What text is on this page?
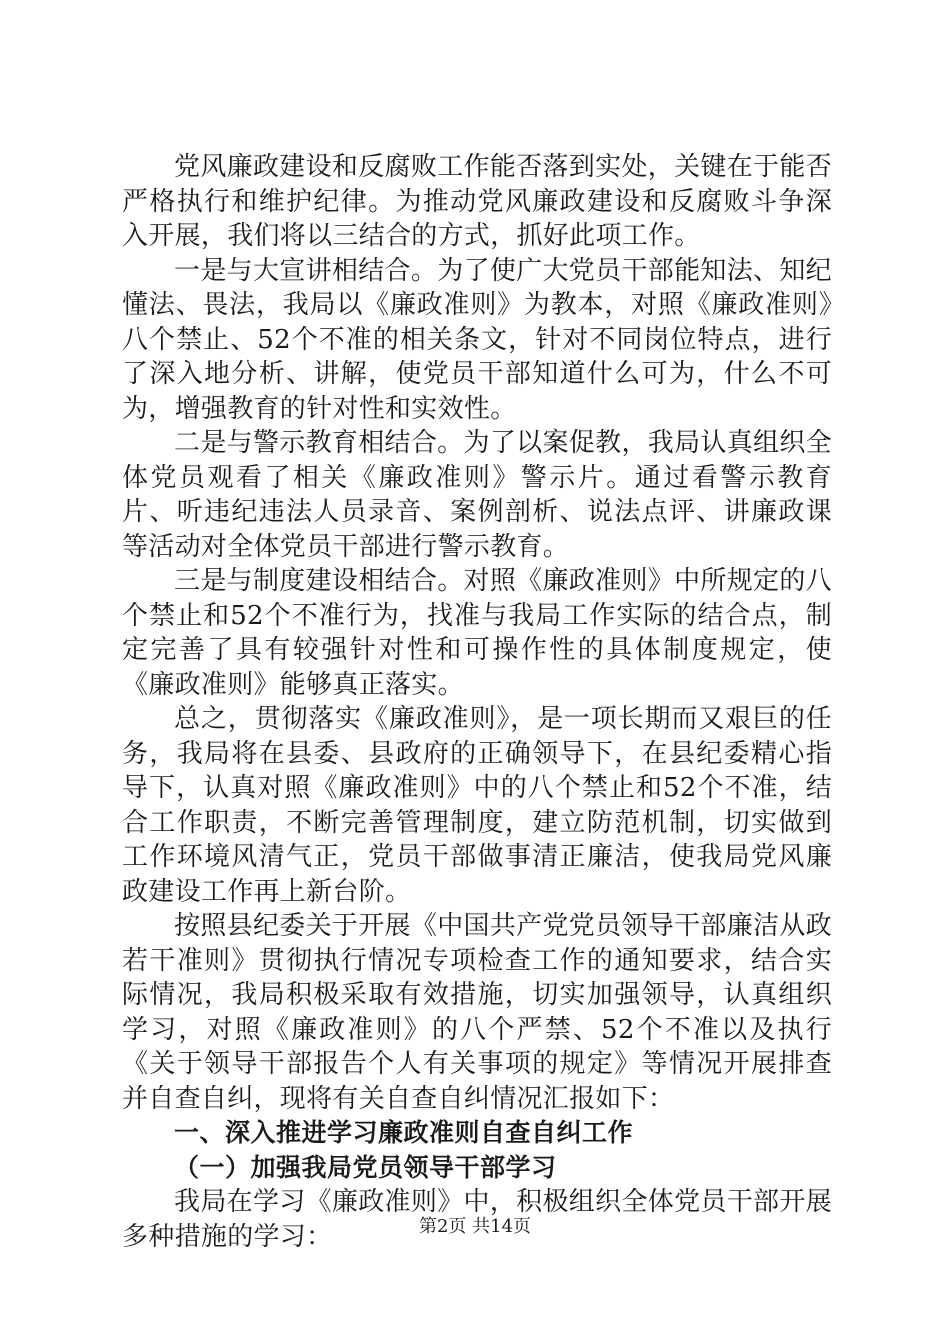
党风廉政建设和反腐败工作能否落到实处，关键在于能否严格执行和维护纪律。为推动党风廉政建设和反腐败斗争深入开展，我们将以三结合的方式，抓好此项工作。

一是与大宣讲相结合。为了使广大党员干部能知法、知纪懂法、畏法，我局以《廉政准则》为教本，对照《廉政准则》八个禁止、52个不准的相关条文，针对不同岗位特点，进行了深入地分析、讲解，使党员干部知道什么可为，什么不可为，增强教育的针对性和实效性。

二是与警示教育相结合。为了以案促教，我局认真组织全体党员观看了相关《廉政准则》警示片。通过看警示教育片、听违纪违法人员录音、案例剖析、说法点评、讲廉政课等活动对全体党员干部进行警示教育。

三是与制度建设相结合。对照《廉政准则》中所规定的八个禁止和52个不准行为，找准与我局工作实际的结合点，制定完善了具有较强针对性和可操作性的具体制度规定，使《廉政准则》能够真正落实。

总之，贯彻落实《廉政准则》，是一项长期而又艰巨的任务，我局将在县委、县政府的正确领导下，在县纪委精心指导下，认真对照《廉政准则》中的八个禁止和52个不准，结合工作职责，不断完善管理制度，建立防范机制，切实做到工作环境风清气正，党员干部做事清正廉洁，使我局党风廉政建设工作再上新台阶。

按照县纪委关于开展《中国共产党党员领导干部廉洁从政若干准则》贯彻执行情况专项检查工作的通知要求，结合实际情况，我局积极采取有效措施，切实加强领导，认真组织学习，对照《廉政准则》的八个严禁、52个不准以及执行《关于领导干部报告个人有关事项的规定》等情况开展排查并自查自纠，现将有关自查自纠情况汇报如下：

一、深入推进学习廉政准则自查自纠工作

（一）加强我局党员领导干部学习

我局在学习《廉政准则》中，积极组织全体党员干部开展多种措施的学习：	第2页 共14页
